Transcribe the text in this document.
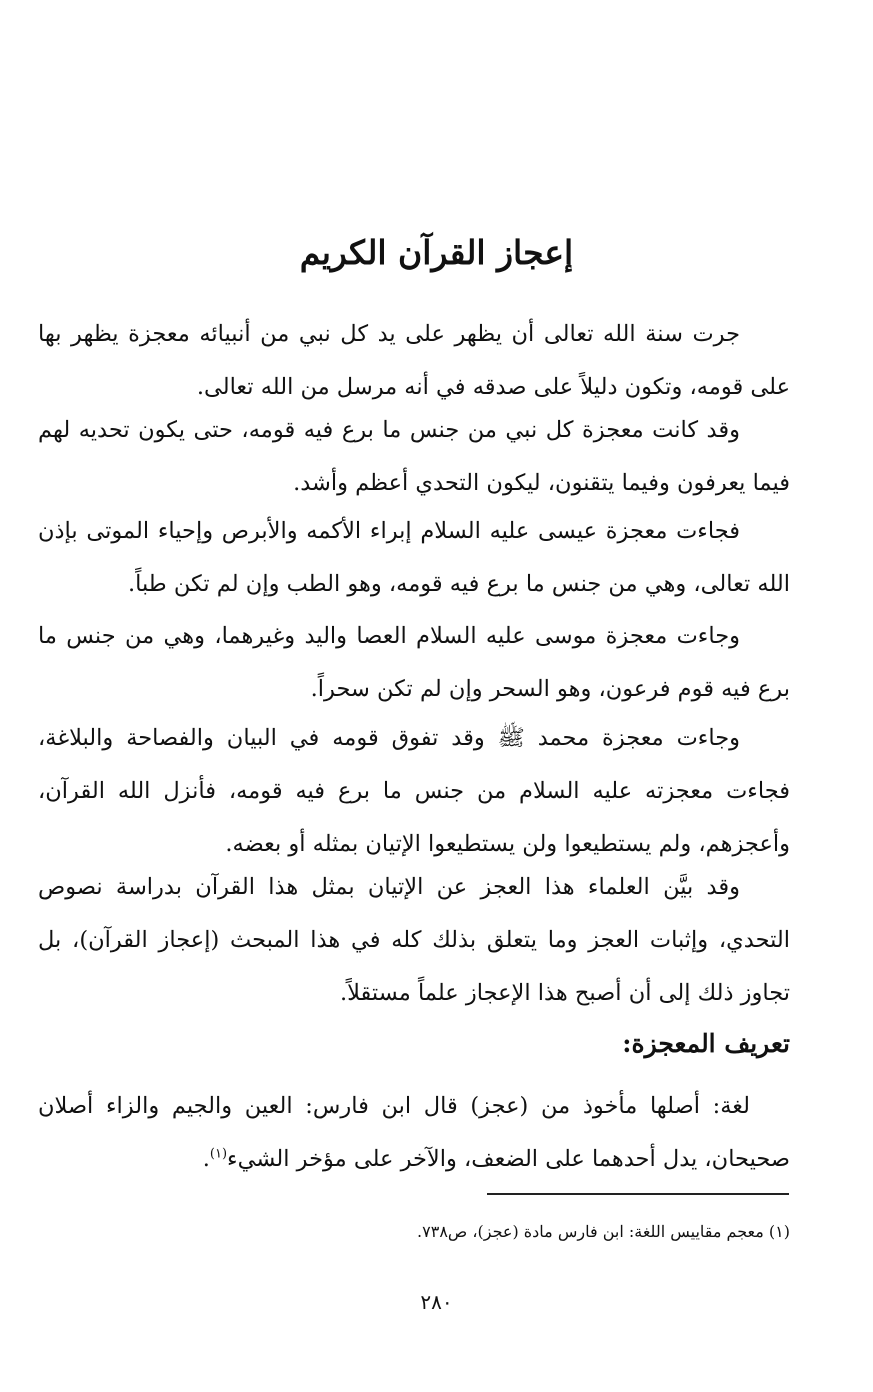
إعجاز القرآن الكريم

جرت سنة الله تعالى أن يظهر على يد كل نبي من أنبيائه معجزة يظهر بها على قومه، وتكون دليلاً على صدقه في أنه مرسل من الله تعالى.

وقد كانت معجزة كل نبي من جنس ما برع فيه قومه، حتى يكون تحديه لهم فيما يعرفون وفيما يتقنون، ليكون التحدي أعظم وأشد.

فجاءت معجزة عيسى عليه السلام إبراء الأكمه والأبرص وإحياء الموتى بإذن الله تعالى، وهي من جنس ما برع فيه قومه، وهو الطب وإن لم تكن طباً.

وجاءت معجزة موسى عليه السلام العصا واليد وغيرهما، وهي من جنس ما برع فيه قوم فرعون، وهو السحر وإن لم تكن سحراً.

وجاءت معجزة محمد ﷺ وقد تفوق قومه في البيان والفصاحة والبلاغة، فجاءت معجزته عليه السلام من جنس ما برع فيه قومه، فأنزل الله القرآن، وأعجزهم، ولم يستطيعوا ولن يستطيعوا الإتيان بمثله أو بعضه.

وقد بيَّن العلماء هذا العجز عن الإتيان بمثل هذا القرآن بدراسة نصوص التحدي، وإثبات العجز وما يتعلق بذلك كله في هذا المبحث (إعجاز القرآن)، بل تجاوز ذلك إلى أن أصبح هذا الإعجاز علماً مستقلاً.

تعريف المعجزة:

لغة: أصلها مأخوذ من (عجز) قال ابن فارس: العين والجيم والزاء أصلان صحيحان، يدل أحدهما على الضعف، والآخر على مؤخر الشيء$^{(١)}$.

(١) معجم مقاييس اللغة: ابن فارس مادة (عجز)، ص٧٣٨.
٢٨٠
